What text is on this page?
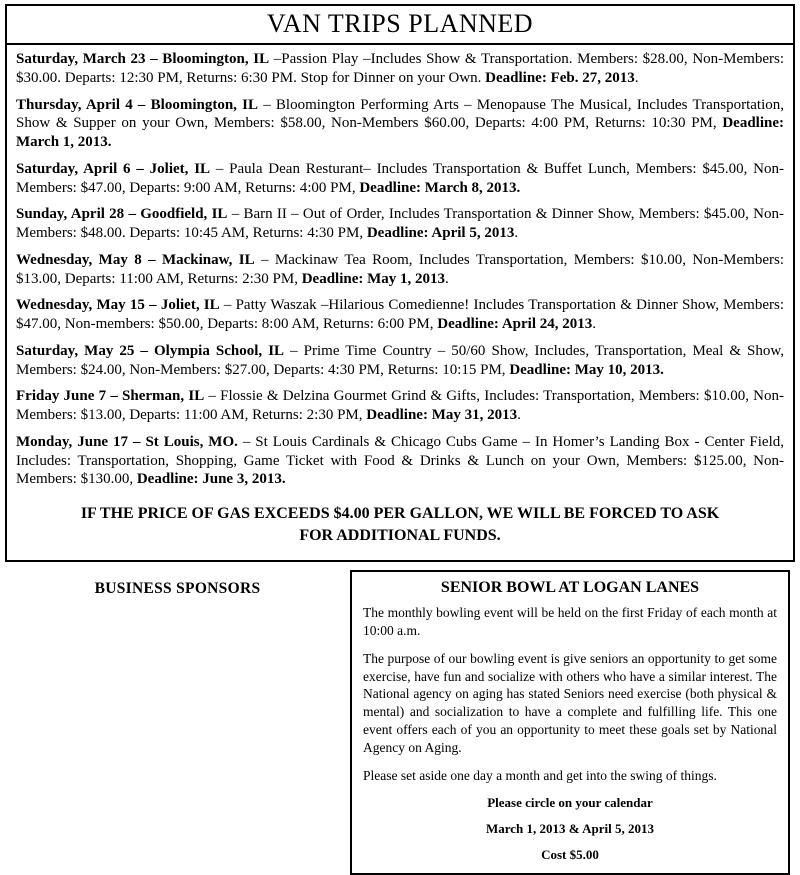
VAN TRIPS PLANNED

Saturday, March 23 – Bloomington, IL –Passion Play –Includes Show & Transportation. Members: $28.00, Non-Members: $30.00. Departs: 12:30 PM, Returns: 6:30 PM. Stop for Dinner on your Own. Deadline: Feb. 27, 2013.

Thursday, April 4 – Bloomington, IL – Bloomington Performing Arts – Menopause The Musical, Includes Transportation, Show & Supper on your Own, Members: $58.00, Non-Members $60.00, Departs: 4:00 PM, Returns: 10:30 PM, Deadline: March 1, 2013.

Saturday, April 6 – Joliet, IL – Paula Dean Resturant– Includes Transportation & Buffet Lunch, Members: $45.00, Non-Members: $47.00, Departs: 9:00 AM, Returns: 4:00 PM, Deadline: March 8, 2013.

Sunday, April 28 – Goodfield, IL – Barn II – Out of Order, Includes Transportation & Dinner Show, Members: $45.00, Non-Members: $48.00. Departs: 10:45 AM, Returns: 4:30 PM, Deadline: April 5, 2013.

Wednesday, May 8 – Mackinaw, IL – Mackinaw Tea Room, Includes Transportation, Members: $10.00, Non-Members: $13.00, Departs: 11:00 AM, Returns: 2:30 PM, Deadline: May 1, 2013.

Wednesday, May 15 – Joliet, IL – Patty Waszak –Hilarious Comedienne! Includes Transportation & Dinner Show, Members: $47.00, Non-members: $50.00, Departs: 8:00 AM, Returns: 6:00 PM, Deadline: April 24, 2013.

Saturday, May 25 – Olympia School, IL – Prime Time Country – 50/60 Show, Includes, Transportation, Meal & Show, Members: $24.00, Non-Members: $27.00, Departs: 4:30 PM, Returns: 10:15 PM, Deadline: May 10, 2013.

Friday June 7 – Sherman, IL – Flossie & Delzina Gourmet Grind & Gifts, Includes: Transportation, Members: $10.00, Non-Members: $13.00, Departs: 11:00 AM, Returns: 2:30 PM, Deadline: May 31, 2013.

Monday, June 17 – St Louis, MO. – St Louis Cardinals & Chicago Cubs Game – In Homer’s Landing Box - Center Field, Includes: Transportation, Shopping, Game Ticket with Food & Drinks & Lunch on your Own, Members: $125.00, Non-Members: $130.00, Deadline: June 3, 2013.

IF THE PRICE OF GAS EXCEEDS $4.00 PER GALLON, WE WILL BE FORCED TO ASK FOR ADDITIONAL FUNDS.
BUSINESS SPONSORS	SENIOR BOWL AT LOGAN LANES

The monthly bowling event will be held on the first Friday of each month at 10:00 a.m.

The purpose of our bowling event is give seniors an opportunity to get some exercise, have fun and socialize with others who have a similar interest. The National agency on aging has stated Seniors need exercise (both physical & mental) and socialization to have a complete and fulfilling life. This one event offers each of you an opportunity to meet these goals set by National Agency on Aging.

Please set aside one day a month and get into the swing of things.

Please circle on your calendar
March 1, 2013 & April 5, 2013
Cost $5.00
